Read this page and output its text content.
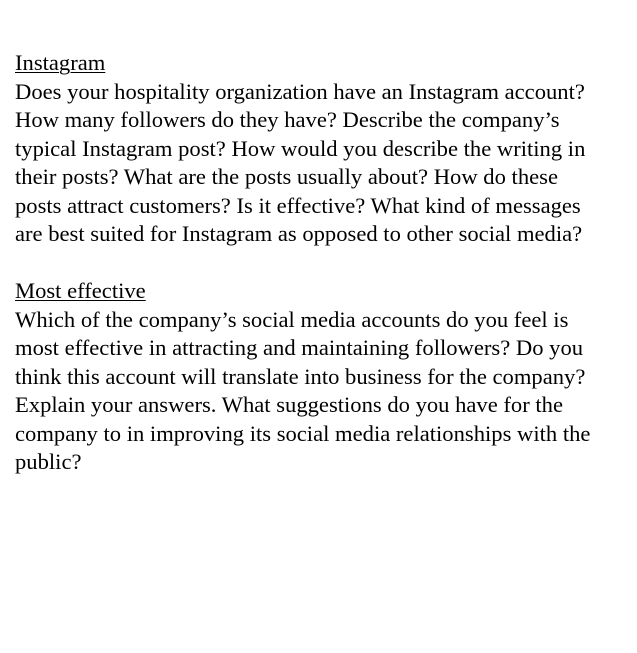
Instagram

Does your hospitality organization have an Instagram account?
How many followers do they have? Describe the company’s
typical Instagram post? How would you describe the writing in
their posts? What are the posts usually about? How do these
posts attract customers? Is it effective? What kind of messages
are best suited for Instagram as opposed to other social media?

Most effective

Which of the company’s social media accounts do you feel is
most effective in attracting and maintaining followers? Do you
think this account will translate into business for the company?
Explain your answers. What suggestions do you have for the
company to in improving its social media relationships with the
public?
